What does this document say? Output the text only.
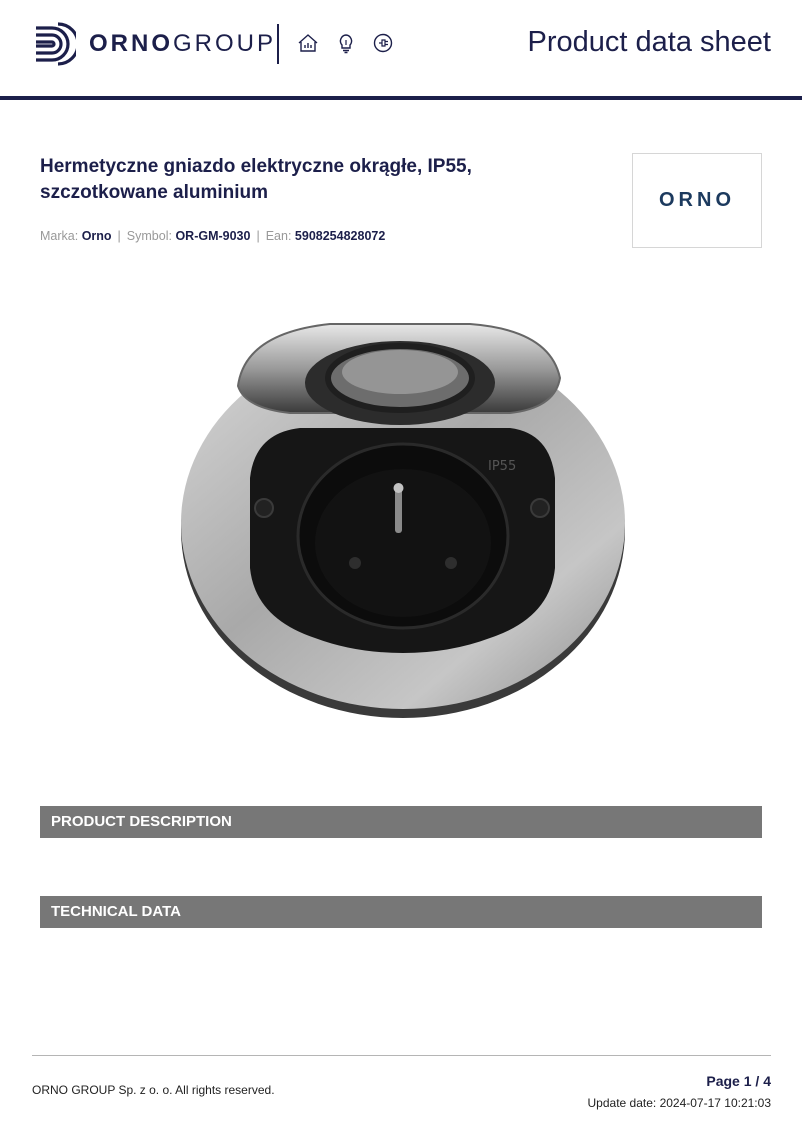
ORNOGROUP	Product data sheet
Hermetyczne gniazdo elektryczne okrągłe, IP55, szczotkowane aluminium
Marka: Orno | Symbol: OR-GM-9030 | Ean: 5908254828072
ORNO
IP55
PRODUCT DESCRIPTION
TECHNICAL DATA
ORNO GROUP Sp. z o. o. All rights reserved.
Page 1 / 4
Update date: 2024-07-17 10:21:03
